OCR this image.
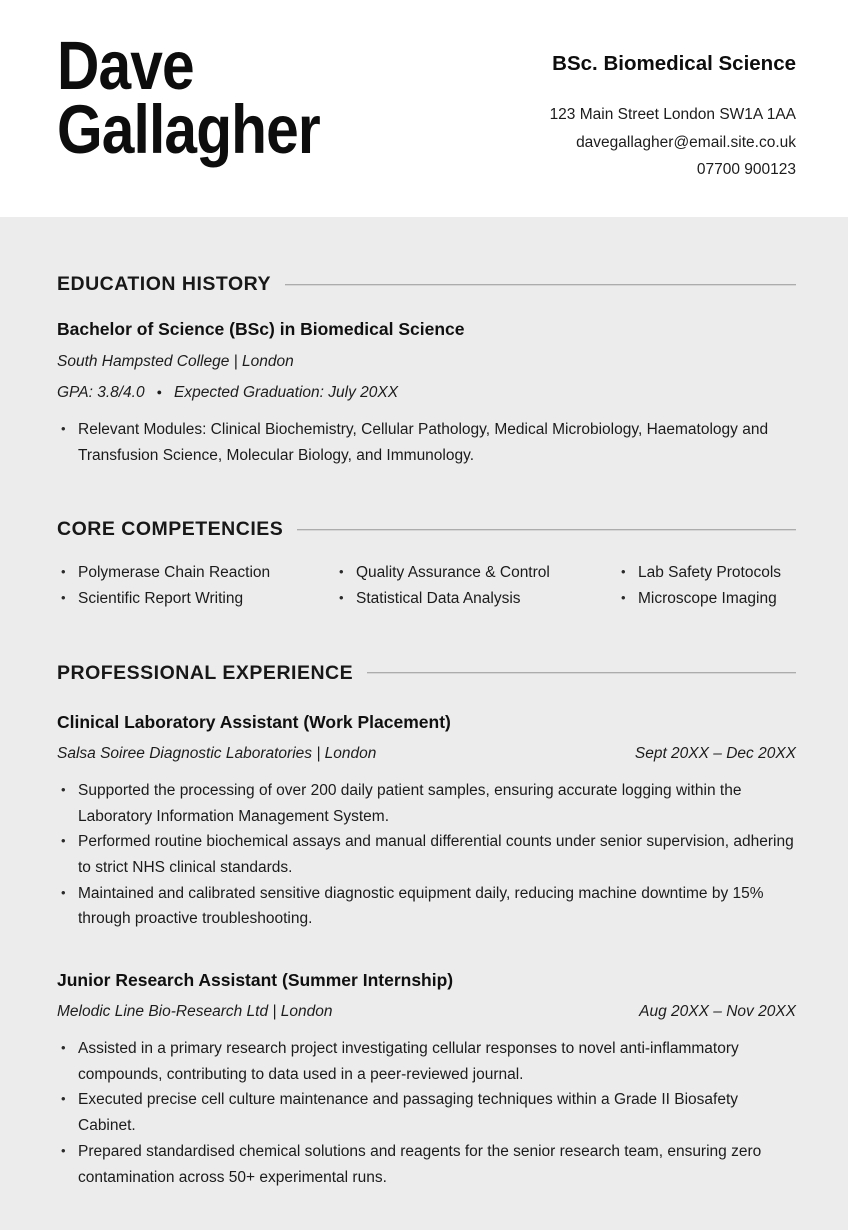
Dave
Gallagher
BSc. Biomedical Science
123 Main Street London SW1A 1AA
davegallagher@email.site.co.uk
07700 900123
EDUCATION HISTORY
Bachelor of Science (BSc) in Biomedical Science
South Hampsted College | London
GPA: 3.8/4.0 ● Expected Graduation: July 20XX
• Relevant Modules: Clinical Biochemistry, Cellular Pathology, Medical Microbiology, Haematology and Transfusion Science, Molecular Biology, and Immunology.
CORE COMPETENCIES
• Polymerase Chain Reaction
• Scientific Report Writing
• Quality Assurance & Control
• Statistical Data Analysis
• Lab Safety Protocols
• Microscope Imaging
PROFESSIONAL EXPERIENCE
Clinical Laboratory Assistant (Work Placement)
Salsa Soiree Diagnostic Laboratories | London	Sept 20XX – Dec 20XX
• Supported the processing of over 200 daily patient samples, ensuring accurate logging within the Laboratory Information Management System.
• Performed routine biochemical assays and manual differential counts under senior supervision, adhering to strict NHS clinical standards.
• Maintained and calibrated sensitive diagnostic equipment daily, reducing machine downtime by 15% through proactive troubleshooting.
Junior Research Assistant (Summer Internship)
Melodic Line Bio-Research Ltd | London	Aug 20XX – Nov 20XX
• Assisted in a primary research project investigating cellular responses to novel anti-inflammatory compounds, contributing to data used in a peer-reviewed journal.
• Executed precise cell culture maintenance and passaging techniques within a Grade II Biosafety Cabinet.
• Prepared standardised chemical solutions and reagents for the senior research team, ensuring zero contamination across 50+ experimental runs.
